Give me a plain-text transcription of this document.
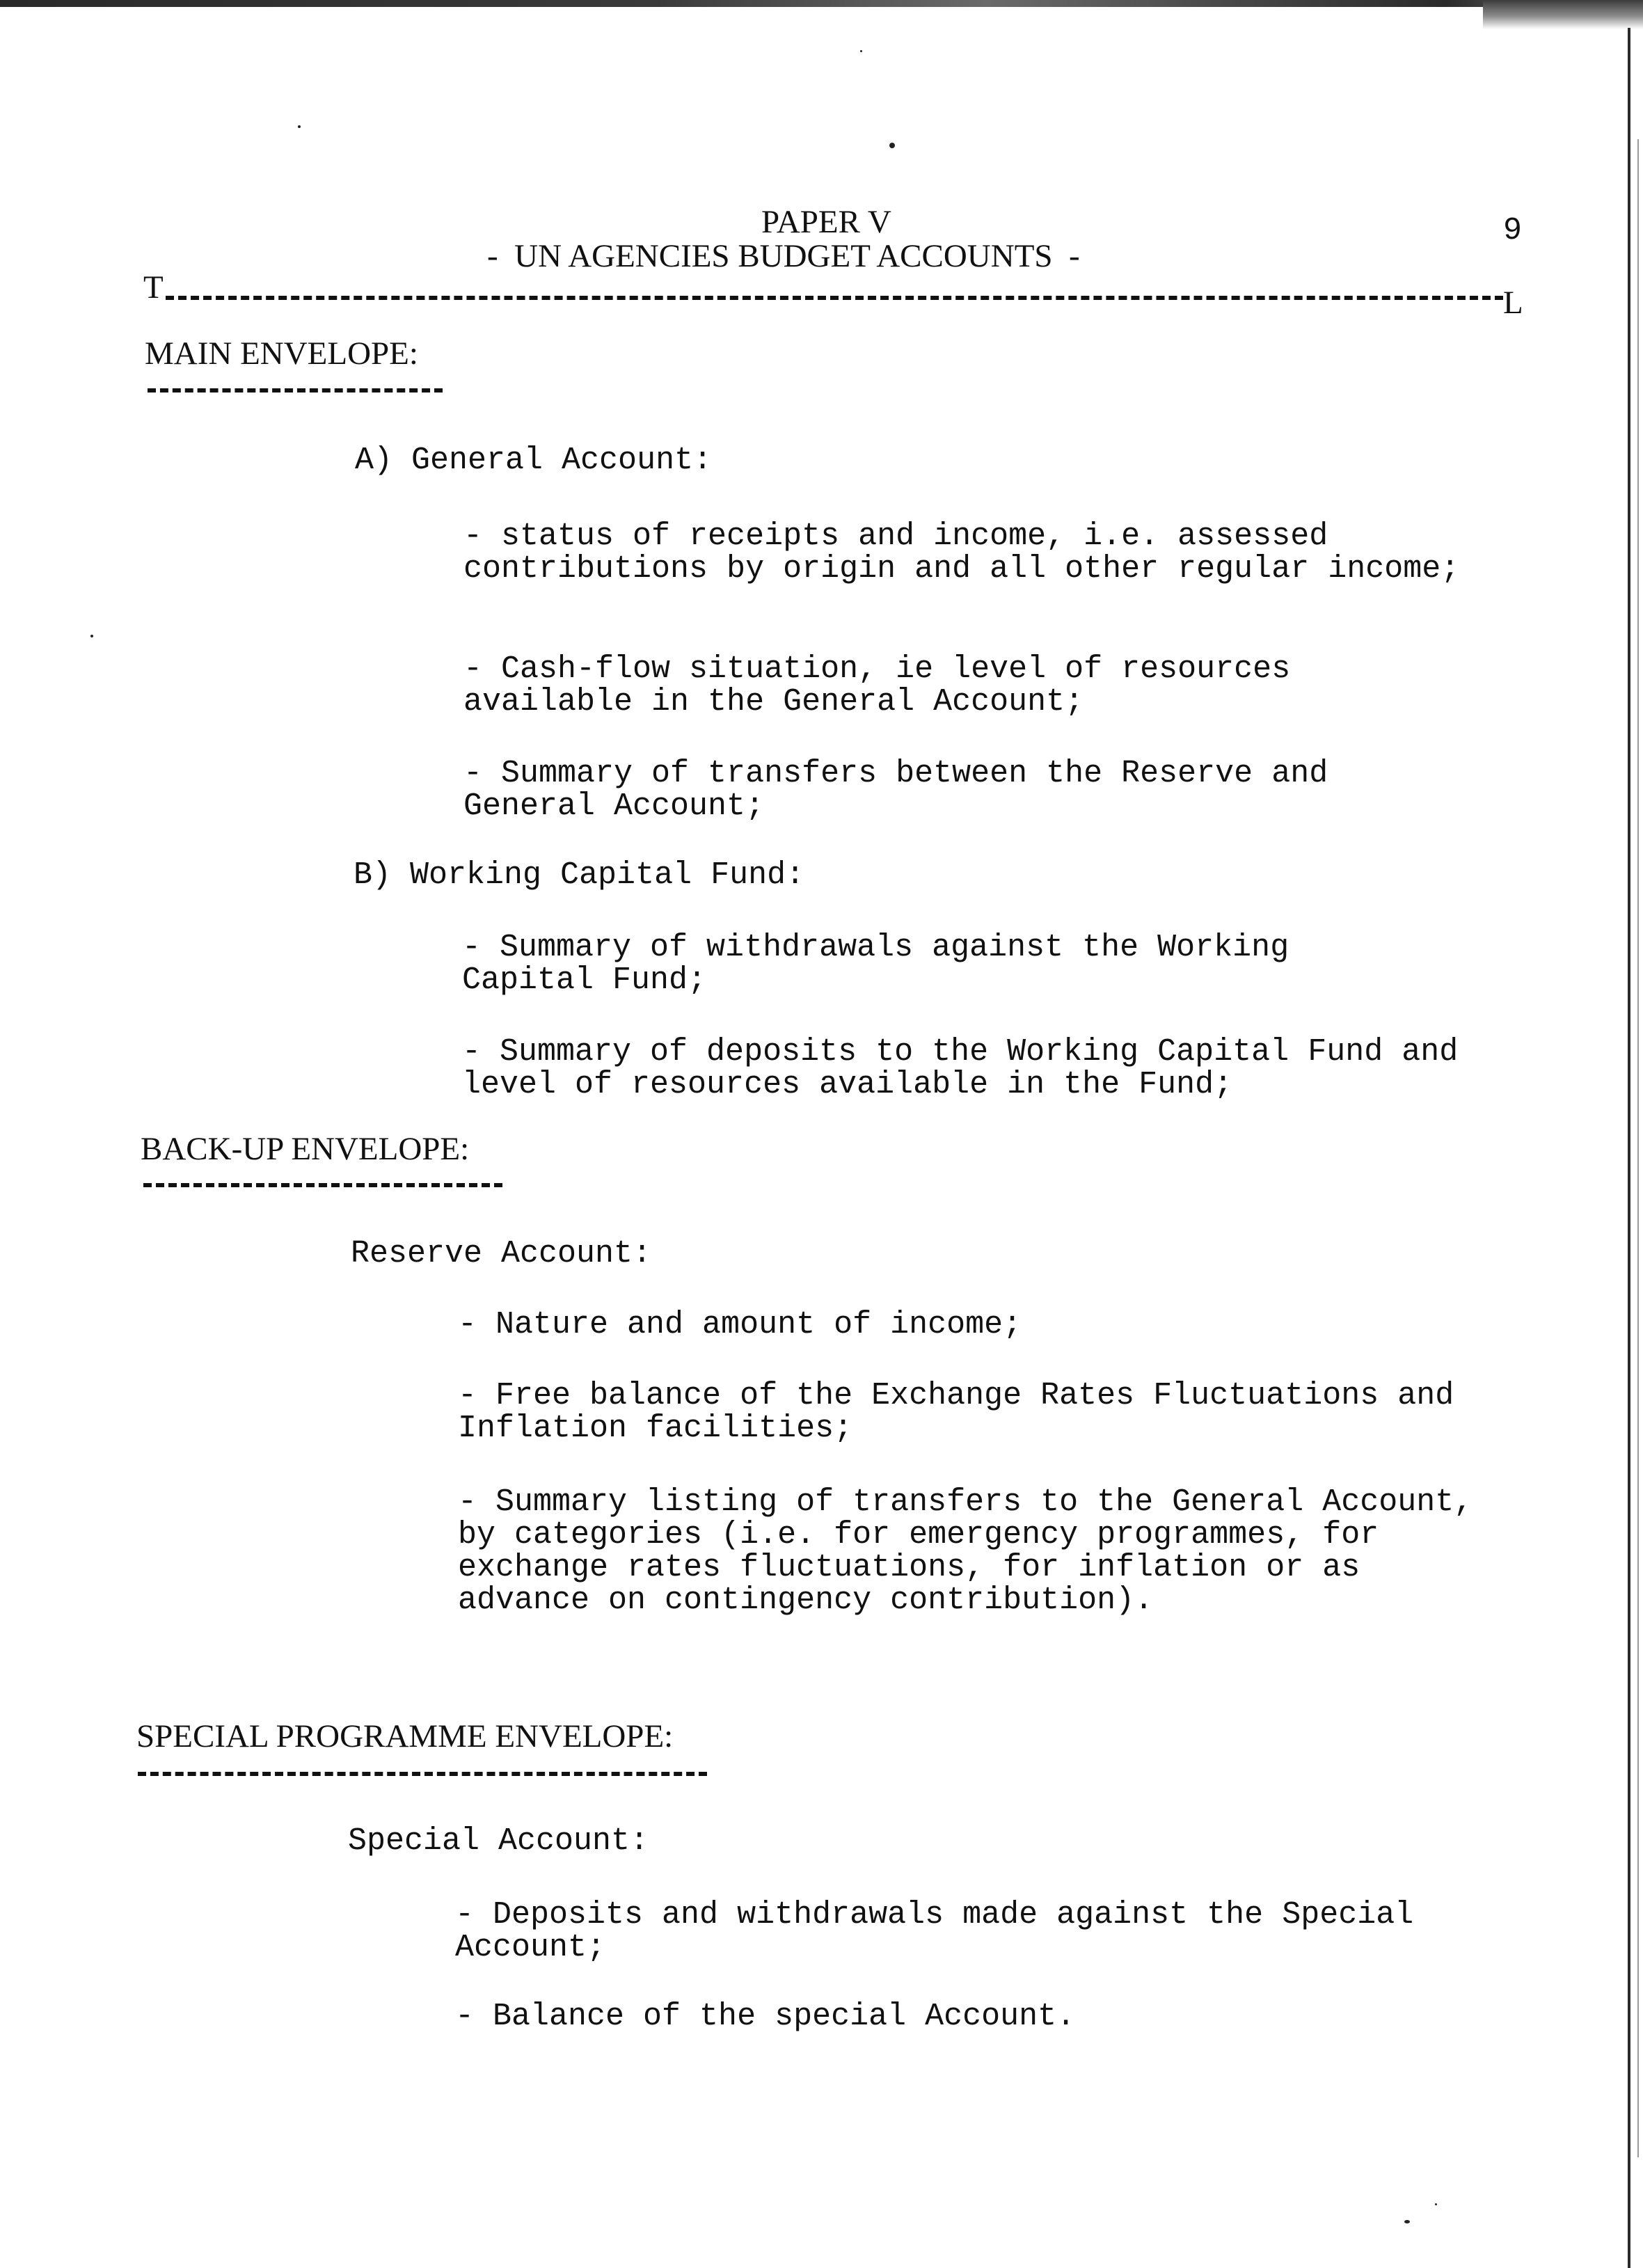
PAPER V

-  UN AGENCIES BUDGET ACCOUNTS  -

9

T	L

MAIN ENVELOPE:

A) General Account:

- status of receipts and income, i.e. assessed contributions by origin and all other regular income;

- Cash-flow situation, ie level of resources available in the General Account;

- Summary of transfers between the Reserve and General Account;

B) Working Capital Fund:

- Summary of withdrawals against the Working Capital Fund;

- Summary of deposits to the Working Capital Fund and level of resources available in the Fund;

BACK-UP ENVELOPE:

Reserve Account:

- Nature and amount of income;

- Free balance of the Exchange Rates Fluctuations and Inflation facilities;

- Summary listing of transfers to the General Account, by categories (i.e. for emergency programmes, for exchange rates fluctuations, for inflation or as advance on contingency contribution).

SPECIAL PROGRAMME ENVELOPE:

Special Account:

- Deposits and withdrawals made against the Special Account;

- Balance of the special Account.
